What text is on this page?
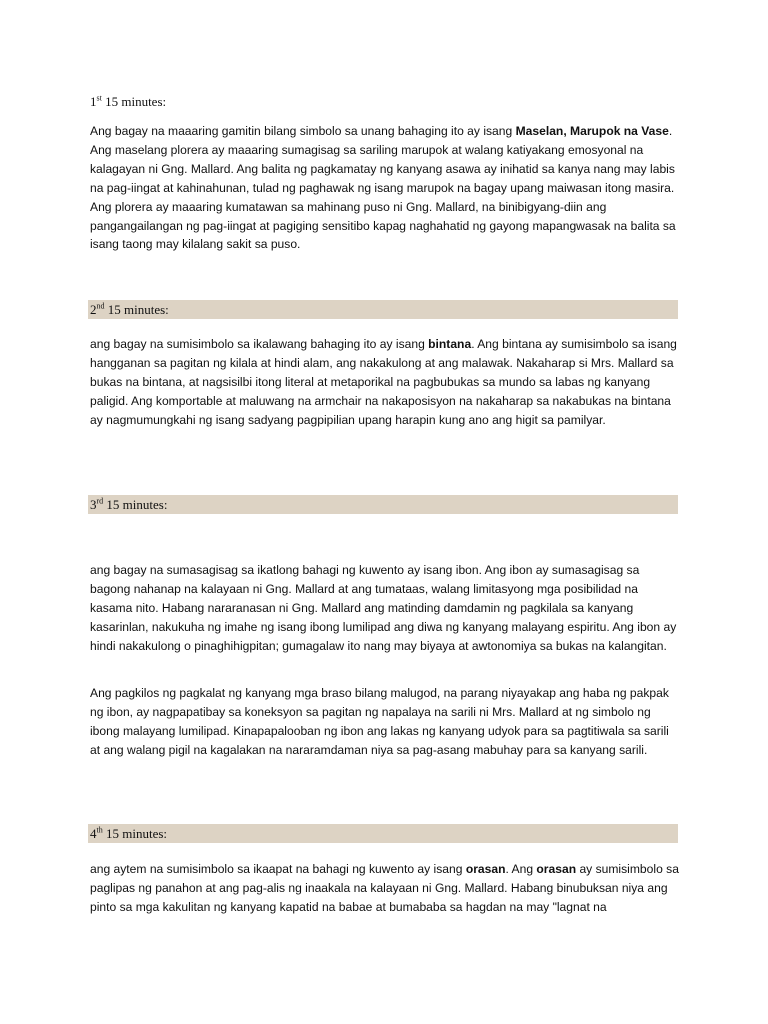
1st 15 minutes:

Ang bagay na maaaring gamitin bilang simbolo sa unang bahaging ito ay isang Maselan, Marupok na Vase. Ang maselang plorera ay maaaring sumagisag sa sariling marupok at walang katiyakang emosyonal na kalagayan ni Gng. Mallard. Ang balita ng pagkamatay ng kanyang asawa ay inihatid sa kanya nang may labis na pag-iingat at kahinahunan, tulad ng paghawak ng isang marupok na bagay upang maiwasan itong masira. Ang plorera ay maaaring kumatawan sa mahinang puso ni Gng. Mallard, na binibigyang-diin ang pangangailangan ng pag-iingat at pagiging sensitibo kapag naghahatid ng gayong mapangwasak na balita sa isang taong may kilalang sakit sa puso.

2nd 15 minutes:

ang bagay na sumisimbolo sa ikalawang bahaging ito ay isang bintana. Ang bintana ay sumisimbolo sa isang hangganan sa pagitan ng kilala at hindi alam, ang nakakulong at ang malawak. Nakaharap si Mrs. Mallard sa bukas na bintana, at nagsisilbi itong literal at metaporikal na pagbubukas sa mundo sa labas ng kanyang paligid. Ang komportable at maluwang na armchair na nakaposisyon na nakaharap sa nakabukas na bintana ay nagmumungkahi ng isang sadyang pagpipilian upang harapin kung ano ang higit sa pamilyar.

3rd 15 minutes:

ang bagay na sumasagisag sa ikatlong bahagi ng kuwento ay isang ibon. Ang ibon ay sumasagisag sa bagong nahanap na kalayaan ni Gng. Mallard at ang tumataas, walang limitasyong mga posibilidad na kasama nito. Habang nararanasan ni Gng. Mallard ang matinding damdamin ng pagkilala sa kanyang kasarinlan, nakukuha ng imahe ng isang ibong lumilipad ang diwa ng kanyang malayang espiritu. Ang ibon ay hindi nakakulong o pinaghihigpitan; gumagalaw ito nang may biyaya at awtonomiya sa bukas na kalangitan.

Ang pagkilos ng pagkalat ng kanyang mga braso bilang malugod, na parang niyayakap ang haba ng pakpak ng ibon, ay nagpapatibay sa koneksyon sa pagitan ng napalaya na sarili ni Mrs. Mallard at ng simbolo ng ibong malayang lumilipad. Kinapapalooban ng ibon ang lakas ng kanyang udyok para sa pagtitiwala sa sarili at ang walang pigil na kagalakan na nararamdaman niya sa pag-asang mabuhay para sa kanyang sarili.

4th 15 minutes:

ang aytem na sumisimbolo sa ikaapat na bahagi ng kuwento ay isang orasan. Ang orasan ay sumisimbolo sa paglipas ng panahon at ang pag-alis ng inaakala na kalayaan ni Gng. Mallard. Habang binubuksan niya ang pinto sa mga kakulitan ng kanyang kapatid na babae at bumababa sa hagdan na may "lagnat na
